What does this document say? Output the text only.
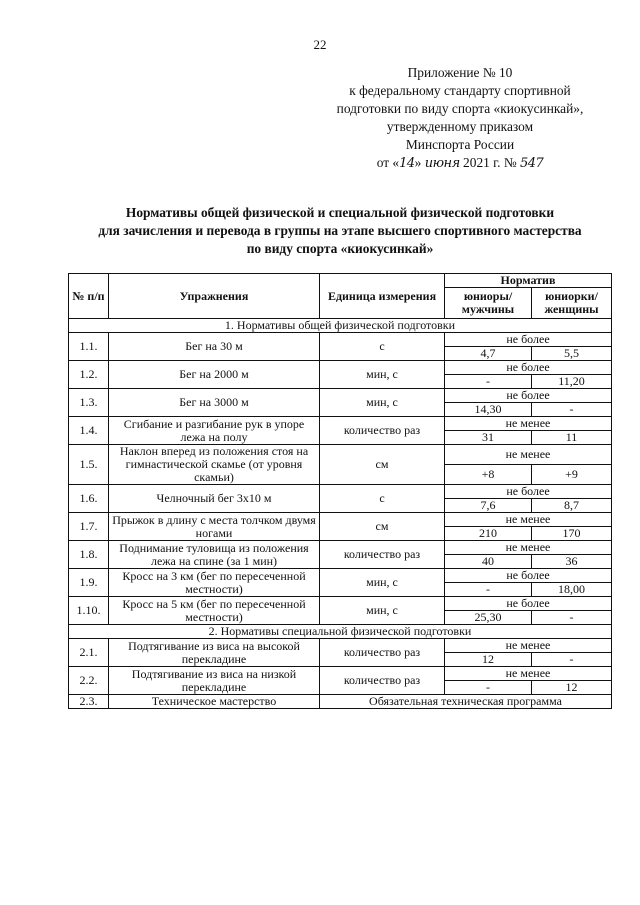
22
Приложение № 10
к федеральному стандарту спортивной
подготовки по виду спорта «киокусинкай»,
утвержденному приказом
Минспорта России
от «14» июня 2021 г. № 547
Нормативы общей физической и специальной физической подготовки
для зачисления и перевода в группы на этапе высшего спортивного мастерства
по виду спорта «киокусинкай»
№ п/п	Упражнения	Единица измерения	Норматив	
			юниоры/ мужчины	юниорки/ женщины
1. Нормативы общей физической подготовки				
1.1.	Бег на 30 м	с	не более	
			4,7	5,5
1.2.	Бег на 2000 м	мин, с	не более	
			-	11,20
1.3.	Бег на 3000 м	мин, с	не более	
			14,30	-
1.4.	Сгибание и разгибание рук в упоре лежа на полу	количество раз	не менее	
			31	11
1.5.	Наклон вперед из положения стоя на гимнастической скамье (от уровня скамьи)	см	не менее	
			+8	+9
1.6.	Челночный бег 3x10 м	с	не более	
			7,6	8,7
1.7.	Прыжок в длину с места толчком двумя ногами	см	не менее	
			210	170
1.8.	Поднимание туловища из положения лежа на спине (за 1 мин)	количество раз	не менее	
			40	36
1.9.	Кросс на 3 км (бег по пересеченной местности)	мин, с	не более	
			-	18,00
1.10.	Кросс на 5 км (бег по пересеченной местности)	мин, с	не более	
			25,30	-
2. Нормативы специальной физической подготовки				
2.1.	Подтягивание из виса на высокой перекладине	количество раз	не менее	
			12	-
2.2.	Подтягивание из виса на низкой перекладине	количество раз	не менее	
			-	12
2.3.	Техническое мастерство	Обязательная техническая программа		
